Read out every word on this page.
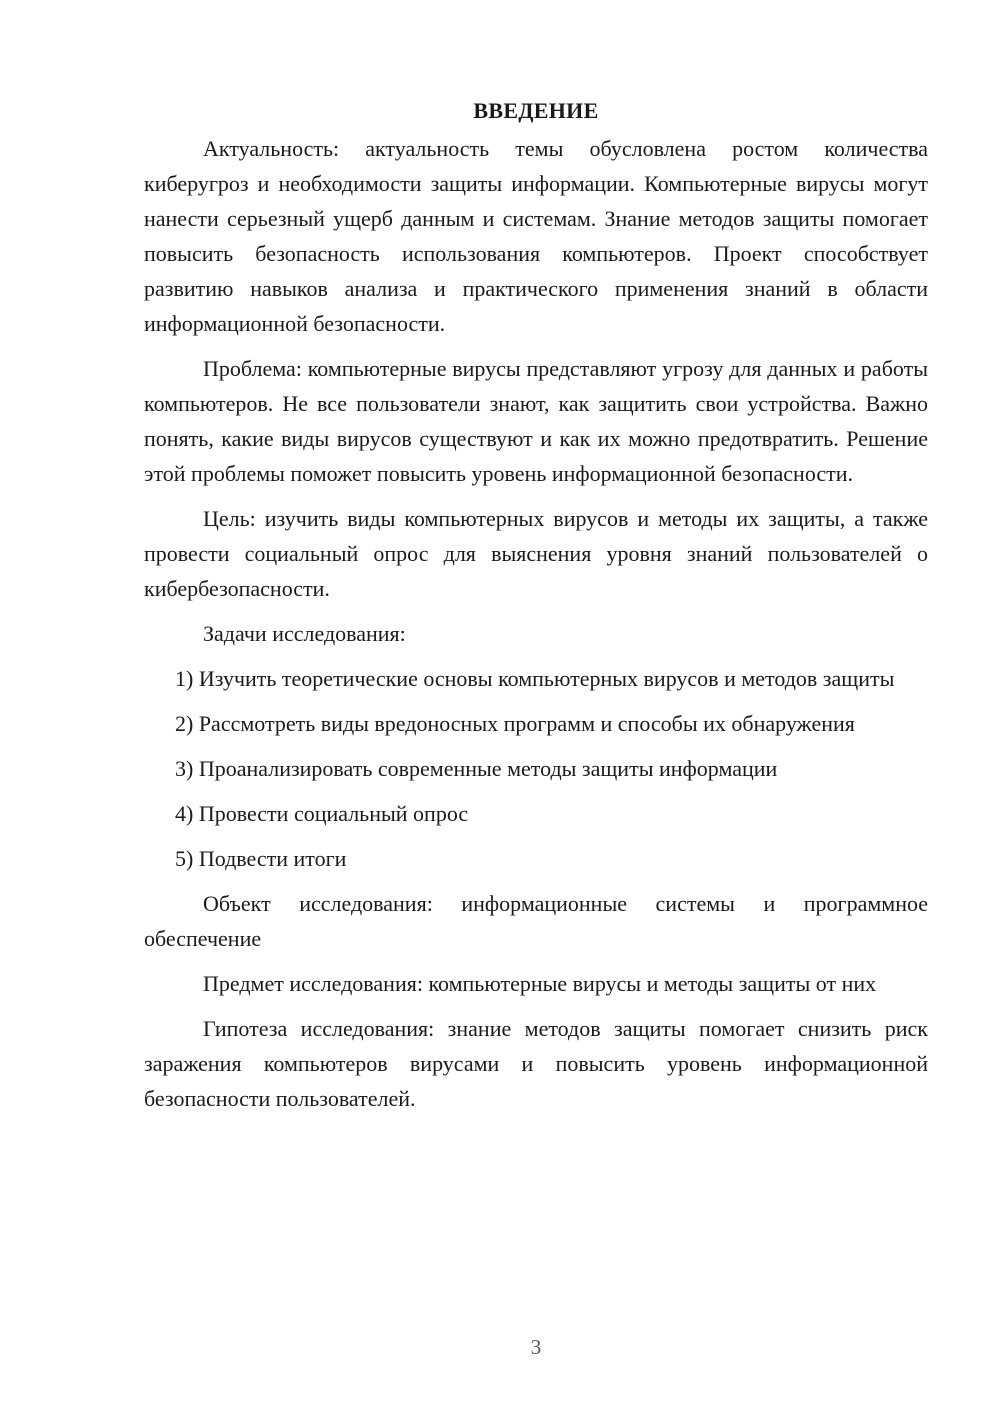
ВВЕДЕНИЕ

Актуальность: актуальность темы обусловлена ростом количества киберугроз и необходимости защиты информации. Компьютерные вирусы могут нанести серьезный ущерб данным и системам. Знание методов защиты помогает повысить безопасность использования компьютеров. Проект способствует развитию навыков анализа и практического применения знаний в области информационной безопасности.

Проблема: компьютерные вирусы представляют угрозу для данных и работы компьютеров. Не все пользователи знают, как защитить свои устройства. Важно понять, какие виды вирусов существуют и как их можно предотвратить. Решение этой проблемы поможет повысить уровень информационной безопасности.

Цель: изучить виды компьютерных вирусов и методы их защиты, а также провести социальный опрос для выяснения уровня знаний пользователей о кибербезопасности.

Задачи исследования:

1) Изучить теоретические основы компьютерных вирусов и методов защиты

2) Рассмотреть виды вредоносных программ и способы их обнаружения

3) Проанализировать современные методы защиты информации

4) Провести социальный опрос

5) Подвести итоги

Объект исследования: информационные системы и программное обеспечение

Предмет исследования: компьютерные вирусы и методы защиты от них

Гипотеза исследования: знание методов защиты помогает снизить риск заражения компьютеров вирусами и повысить уровень информационной безопасности пользователей.

3
